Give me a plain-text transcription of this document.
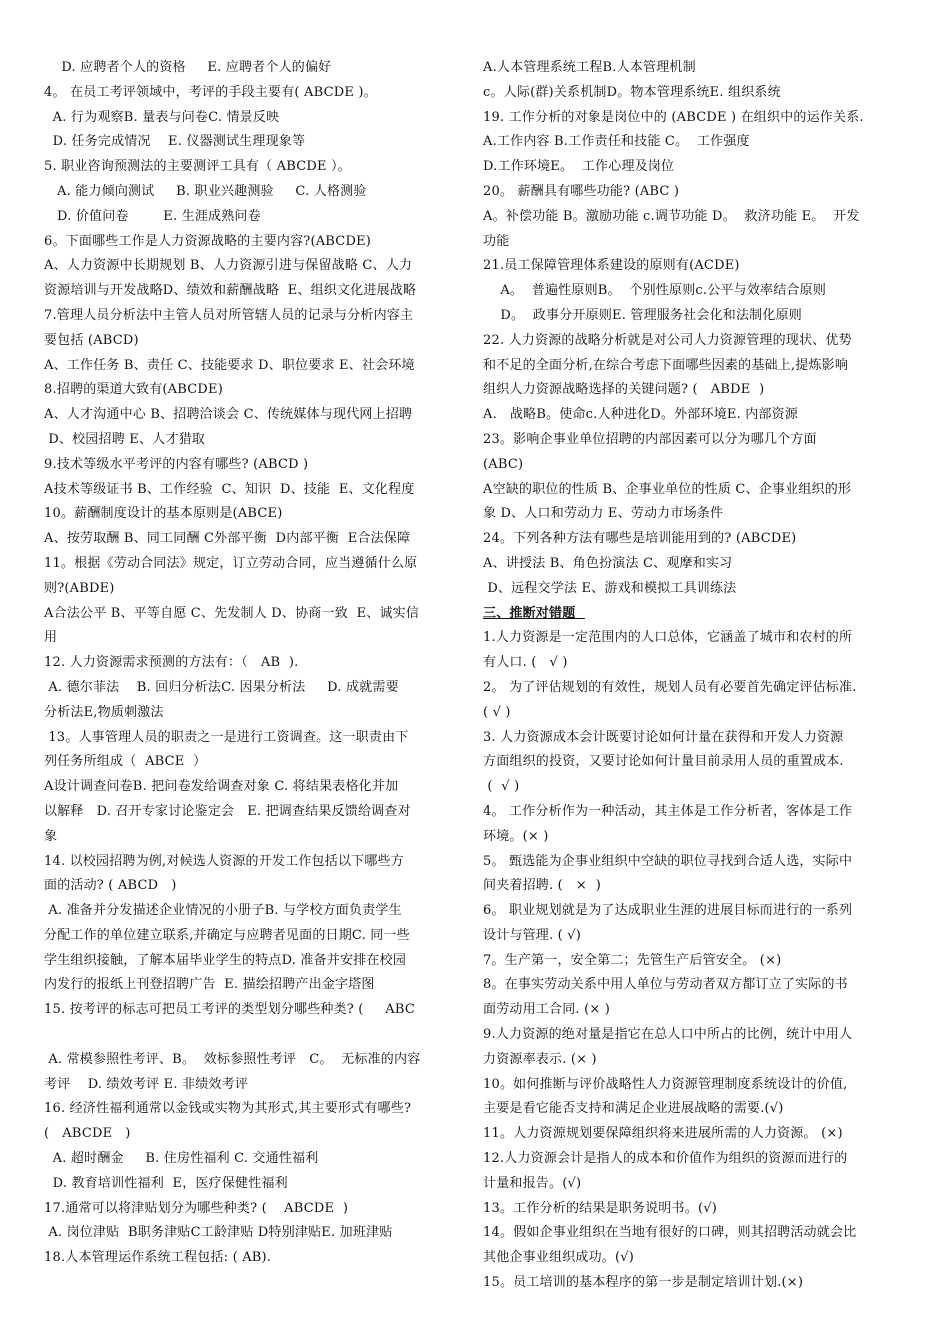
D. 应聘者个人的资格     E. 应聘者个人的偏好
4。 在员工考评领域中，考评的手段主要有( ABCDE )。
A. 行为观察B. 量表与问卷C. 情景反映
D. 任务完成情况    E. 仪器测试生理现象等
5. 职业咨询预测法的主要测评工具有（ ABCDE ）。
A. 能力倾向测试     B. 职业兴趣测验     C. 人格测验
D. 价值问卷        E. 生涯成熟问卷
6。下面哪些工作是人力资源战略的主要内容?(ABCDE)
A、人力资源中长期规划 B、人力资源引进与保留战略 C、人力
资源培训与开发战略D、绩效和薪酬战略  E、组织文化进展战略
7.管理人员分析法中主管人员对所管辖人员的记录与分析内容主
要包括 (ABCD)
A、工作任务 B、责任 C、技能要求 D、职位要求 E、社会环境
8.招聘的渠道大致有(ABCDE)
A、人才沟通中心 B、招聘洽谈会 C、传统媒体与现代网上招聘
D、校园招聘 E、人才猎取
9.技术等级水平考评的内容有哪些? (ABCD )
A技术等级证书 B、工作经验  C、知识  D、技能  E、文化程度
10。薪酬制度设计的基本原则是(ABCE)
A、按劳取酬 B、同工同酬 C外部平衡  D内部平衡  E合法保障
11。根据《劳动合同法》规定，订立劳动合同，应当遵循什么原
则?(ABDE)
A合法公平 B、平等自愿 C、先发制人 D、协商一致  E、诚实信
用
12. 人力资源需求预测的方法有：（   AB  ).
A. 德尔菲法    B. 回归分析法C. 因果分析法     D. 成就需要
分析法E,物质刺激法
13。人事管理人员的职责之一是进行工资调查。这一职责由下
列任务所组成（  ABCE  ）
A设计调查问卷B. 把问卷发给调查对象 C. 将结果表格化并加
以解释   D. 召开专家讨论鉴定会   E. 把调查结果反馈给调查对
象
14. 以校园招聘为例,对候选人资源的开发工作包括以下哪些方
面的活动? ( ABCD   )
A. 准备并分发描述企业情况的小册子B. 与学校方面负责学生
分配工作的单位建立联系,并确定与应聘者见面的日期C. 同一些
学生组织接触，了解本届毕业学生的特点D. 准备并安排在校园
内发行的报纸上刊登招聘广告  E. 描绘招聘产出金字塔图
15. 按考评的标志可把员工考评的类型划分哪些种类? (     ABC
A. 常模参照性考评、B。  效标参照性考评   C。  无标准的内容
考评    D. 绩效考评 E. 非绩效考评
16. 经济性福利通常以金钱或实物为其形式,其主要形式有哪些?
(   ABCDE   )
A. 超时酬金     B. 住房性福利 C. 交通性福利
D. 教育培训性福利  E，医疗保健性福利
17.通常可以将津贴划分为哪些种类? (    ABCDE  )
A. 岗位津贴  B职务津贴C工龄津贴 D特别津贴E. 加班津贴
18.人本管理运作系统工程包括: ( AB).
A.人本管理系统工程B.人本管理机制
c。人际(群)关系机制D。物本管理系统E. 组织系统
19. 工作分析的对象是岗位中的 (ABCDE ) 在组织中的运作关系.
A.工作内容 B.工作责任和技能 C。  工作强度
D.工作环境E。  工作心理及岗位
20。 薪酬具有哪些功能? (ABC )
A。补偿功能 B。激励功能 c.调节功能 D。  救济功能 E。  开发
功能
21.员工保障管理体系建设的原则有(ACDE)
A。  普遍性原则B。  个别性原则c.公平与效率结合原则
D。  政事分开原则E. 管理服务社会化和法制化原则
22. 人力资源的战略分析就是对公司人力资源管理的现状、优势
和不足的全面分析,在综合考虑下面哪些因素的基础上,提炼影响
组织人力资源战略选择的关键问题? (   ABDE  )
A.   战略B。使命c.人种进化D。外部环境E. 内部资源
23。影响企事业单位招聘的内部因素可以分为哪几个方面
(ABC)
A空缺的职位的性质 B、企事业单位的性质 C、企事业组织的形
象 D、人口和劳动力 E、劳动力市场条件
24。下列各种方法有哪些是培训能用到的? (ABCDE)
A、讲授法 B、角色扮演法 C、观摩和实习
D、远程交学法 E、游戏和模拟工具训练法
三、推断对错题
1.人力资源是一定范围内的人口总体，它涵盖了城市和农村的所
有人口. (   √ )
2。 为了评估规划的有效性，规划人员有必要首先确定评估标准.
( √ )
3. 人力资源成本会计既要讨论如何计量在获得和开发人力资源
方面组织的投资，又要讨论如何计量目前录用人员的重置成本.
(  √ )
4。 工作分析作为一种活动，其主体是工作分析者，客体是工作
环境。(× )
5。 甄选能为企事业组织中空缺的职位寻找到合适人选，实际中
间夹着招聘. (   ×  )
6。 职业规划就是为了达成职业生涯的进展目标而进行的一系列
设计与管理. ( √)
7。生产第一，安全第二；先管生产后管安全。 (×)
8。在事实劳动关系中用人单位与劳动者双方都订立了实际的书
面劳动用工合同. (× )
9.人力资源的绝对量是指它在总人口中所占的比例，统计中用人
力资源率表示. (× )
10。如何推断与评价战略性人力资源管理制度系统设计的价值,
主要是看它能否支持和满足企业进展战略的需要.(√)
11。人力资源规划要保障组织将来进展所需的人力资源。 (×)
12.人力资源会计是指人的成本和价值作为组织的资源而进行的
计量和报告。(√)
13。工作分析的结果是职务说明书。(√)
14。假如企事业组织在当地有很好的口碑，则其招聘活动就会比
其他企事业组织成功。(√)
15。员工培训的基本程序的第一步是制定培训计划.(×)
